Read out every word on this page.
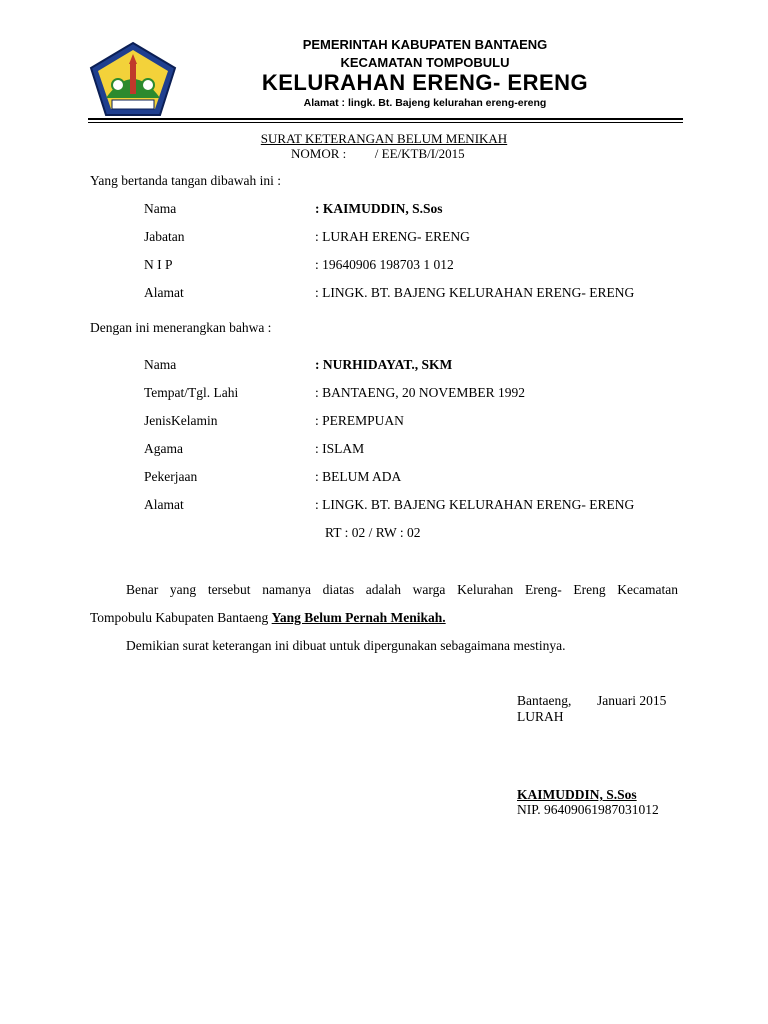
PEMERINTAH KABUPATEN BANTAENG
KECAMATAN TOMPOBULU
KELURAHAN ERENG- ERENG
Alamat : lingk. Bt. Bajeng kelurahan ereng-ereng
SURAT KETERANGAN BELUM MENIKAH
NOMOR : / EE/KTB/I/2015
Yang bertanda tangan dibawah ini :
Nama	: KAIMUDDIN, S.Sos
Jabatan	: LURAH ERENG- ERENG
N I P	: 19640906 198703 1 012
Alamat	: LINGK. BT. BAJENG KELURAHAN ERENG- ERENG
Dengan ini menerangkan bahwa :
Nama	: NURHIDAYAT., SKM
Tempat/Tgl. Lahi	: BANTAENG, 20 NOVEMBER 1992
JenisKelamin	: PEREMPUAN
Agama	: ISLAM
Pekerjaan	: BELUM ADA
Alamat	: LINGK. BT. BAJENG KELURAHAN ERENG- ERENG
RT : 02 / RW : 02
Benar yang tersebut namanya diatas adalah warga Kelurahan Ereng- Ereng Kecamatan
Tompobulu Kabupaten Bantaeng Yang Belum Pernah Menikah.
Demikian surat keterangan ini dibuat untuk dipergunakan sebagaimana mestinya.
Bantaeng, Januari 2015
LURAH
KAIMUDDIN, S.Sos
NIP. 96409061987031012
